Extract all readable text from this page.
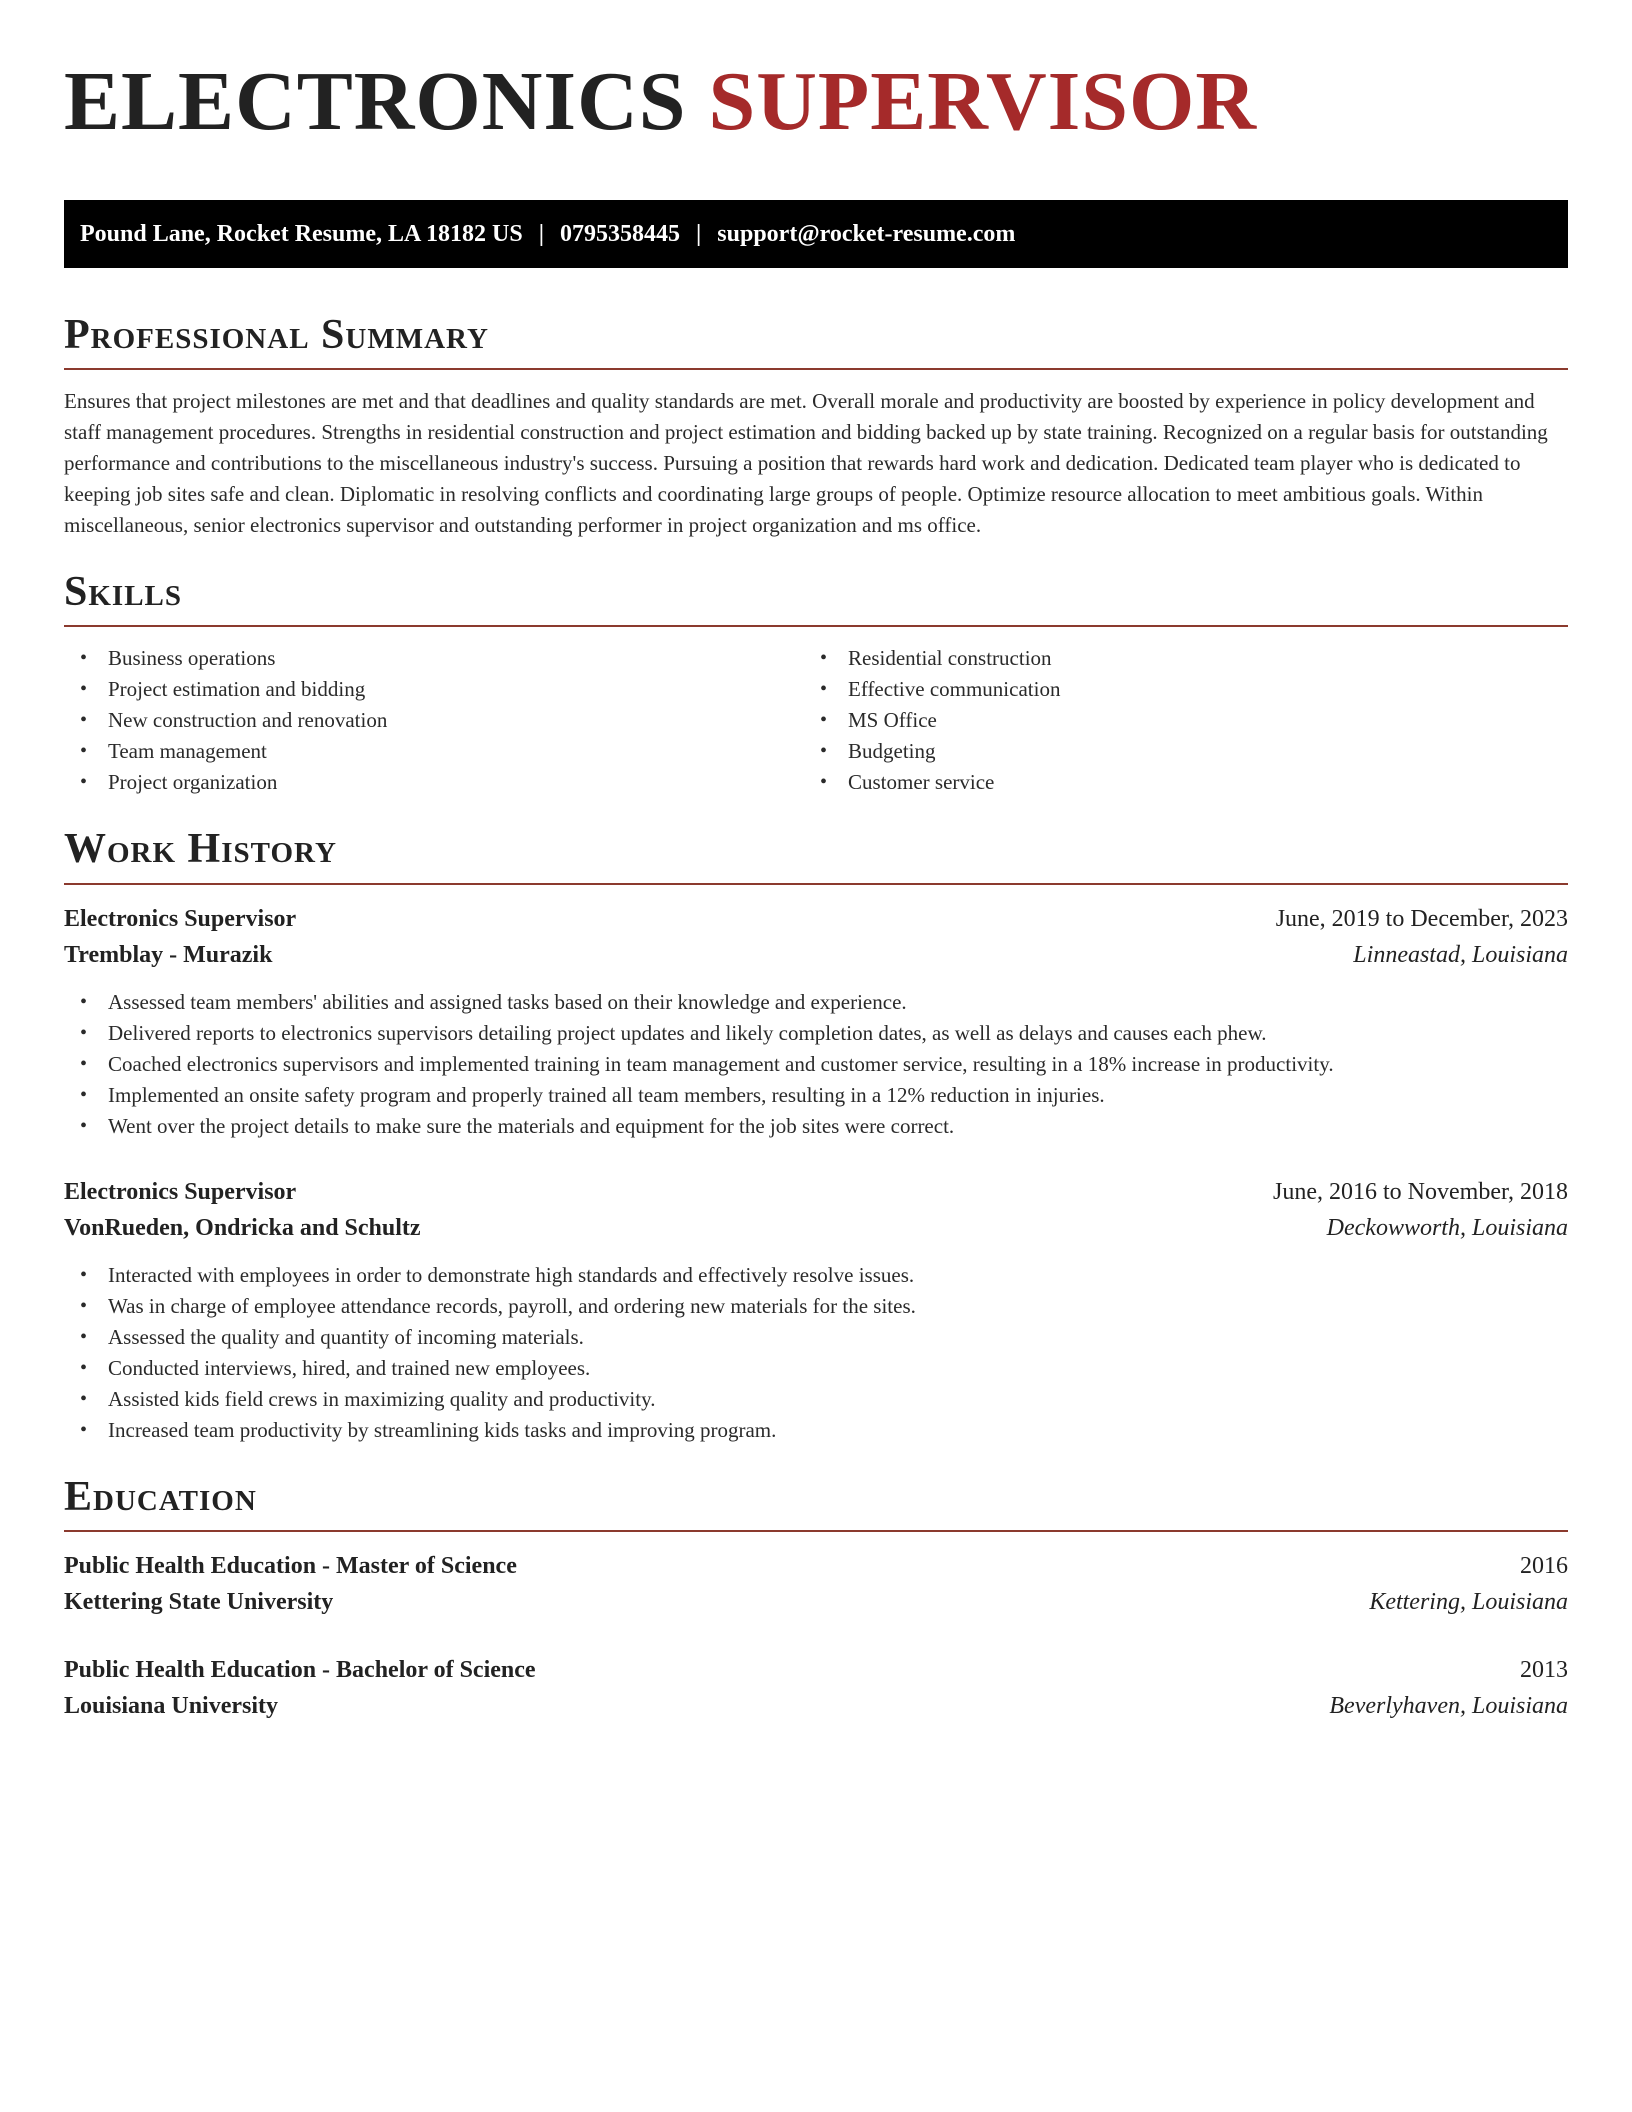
ELECTRONICS SUPERVISOR
Pound Lane, Rocket Resume, LA 18182 US | 0795358445 | support@rocket-resume.com
Professional Summary

Ensures that project milestones are met and that deadlines and quality standards are met. Overall morale and productivity are boosted by experience in policy development and staff management procedures. Strengths in residential construction and project estimation and bidding backed up by state training. Recognized on a regular basis for outstanding performance and contributions to the miscellaneous industry's success. Pursuing a position that rewards hard work and dedication. Dedicated team player who is dedicated to keeping job sites safe and clean. Diplomatic in resolving conflicts and coordinating large groups of people. Optimize resource allocation to meet ambitious goals. Within miscellaneous, senior electronics supervisor and outstanding performer in project organization and ms office.

Skills
• Business operations
• Project estimation and bidding
• New construction and renovation
• Team management
• Project organization
• Residential construction
• Effective communication
• MS Office
• Budgeting
• Customer service
Work History
Electronics Supervisor	June, 2019 to December, 2023
Tremblay - Murazik	Linneastad, Louisiana
• Assessed team members' abilities and assigned tasks based on their knowledge and experience.
• Delivered reports to electronics supervisors detailing project updates and likely completion dates, as well as delays and causes each phew.
• Coached electronics supervisors and implemented training in team management and customer service, resulting in a 18% increase in productivity.
• Implemented an onsite safety program and properly trained all team members, resulting in a 12% reduction in injuries.
• Went over the project details to make sure the materials and equipment for the job sites were correct.
Electronics Supervisor	June, 2016 to November, 2018
VonRueden, Ondricka and Schultz	Deckowworth, Louisiana
• Interacted with employees in order to demonstrate high standards and effectively resolve issues.
• Was in charge of employee attendance records, payroll, and ordering new materials for the sites.
• Assessed the quality and quantity of incoming materials.
• Conducted interviews, hired, and trained new employees.
• Assisted kids field crews in maximizing quality and productivity.
• Increased team productivity by streamlining kids tasks and improving program.
Education
Public Health Education - Master of Science	2016
Kettering State University	Kettering, Louisiana
Public Health Education - Bachelor of Science	2013
Louisiana University	Beverlyhaven, Louisiana
